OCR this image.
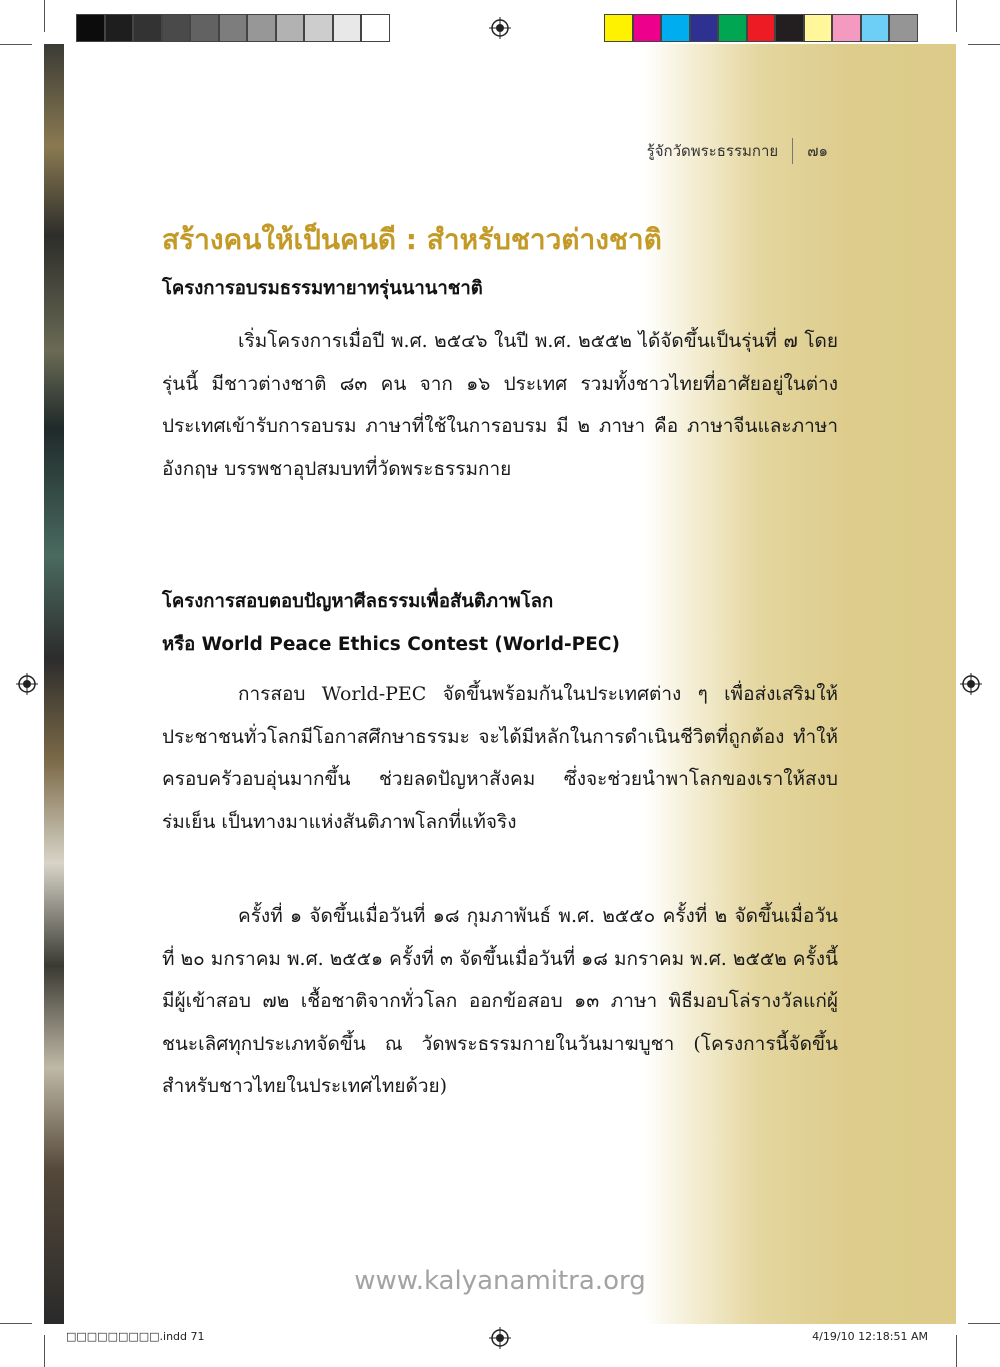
รู้จักวัดพระธรรมกาย ๗๑
สร้างคนให้เป็นคนดี : สำหรับชาวต่างชาติ
โครงการอบรมธรรมทายาทรุ่นนานาชาติ

เริ่มโครงการเมื่อปี พ.ศ. ๒๕๔๖ ในปี พ.ศ. ๒๕๕๒ ได้จัดขึ้นเป็นรุ่นที่ ๗ โดยรุ่นนี้ มีชาวต่างชาติ ๘๓ คน จาก ๑๖ ประเทศ รวมทั้งชาวไทยที่อาศัยอยู่ในต่างประเทศเข้ารับการอบรม ภาษาที่ใช้ในการอบรม มี ๒ ภาษา คือ ภาษาจีนและภาษาอังกฤษ บรรพชาอุปสมบทที่วัดพระธรรมกาย

โครงการสอบตอบปัญหาศีลธรรมเพื่อสันติภาพโลก
หรือ World Peace Ethics Contest (World-PEC)

การสอบ World-PEC จัดขึ้นพร้อมกันในประเทศต่าง ๆ เพื่อส่งเสริมให้ประชาชนทั่วโลกมีโอกาสศึกษาธรรมะ จะได้มีหลักในการดำเนินชีวิตที่ถูกต้อง ทำให้ครอบครัวอบอุ่นมากขึ้น ช่วยลดปัญหาสังคม ซึ่งจะช่วยนำพาโลกของเราให้สงบร่มเย็น เป็นทางมาแห่งสันติภาพโลกที่แท้จริง

ครั้งที่ ๑ จัดขึ้นเมื่อวันที่ ๑๘ กุมภาพันธ์ พ.ศ. ๒๕๕๐ ครั้งที่ ๒ จัดขึ้นเมื่อวันที่ ๒๐ มกราคม พ.ศ. ๒๕๕๑ ครั้งที่ ๓ จัดขึ้นเมื่อวันที่ ๑๘ มกราคม พ.ศ. ๒๕๕๒ ครั้งนี้ มีผู้เข้าสอบ ๗๒ เชื้อชาติจากทั่วโลก ออกข้อสอบ ๑๓ ภาษา พิธีมอบโล่รางวัลแก่ผู้ชนะเลิศทุกประเภทจัดขึ้น ณ วัดพระธรรมกายในวันมาฆบูชา (โครงการนี้จัดขึ้นสำหรับชาวไทยในประเทศไทยด้วย)

www.kalyanamitra.org
□□□□□□□□□.indd 71	4/19/10 12:18:51 AM
